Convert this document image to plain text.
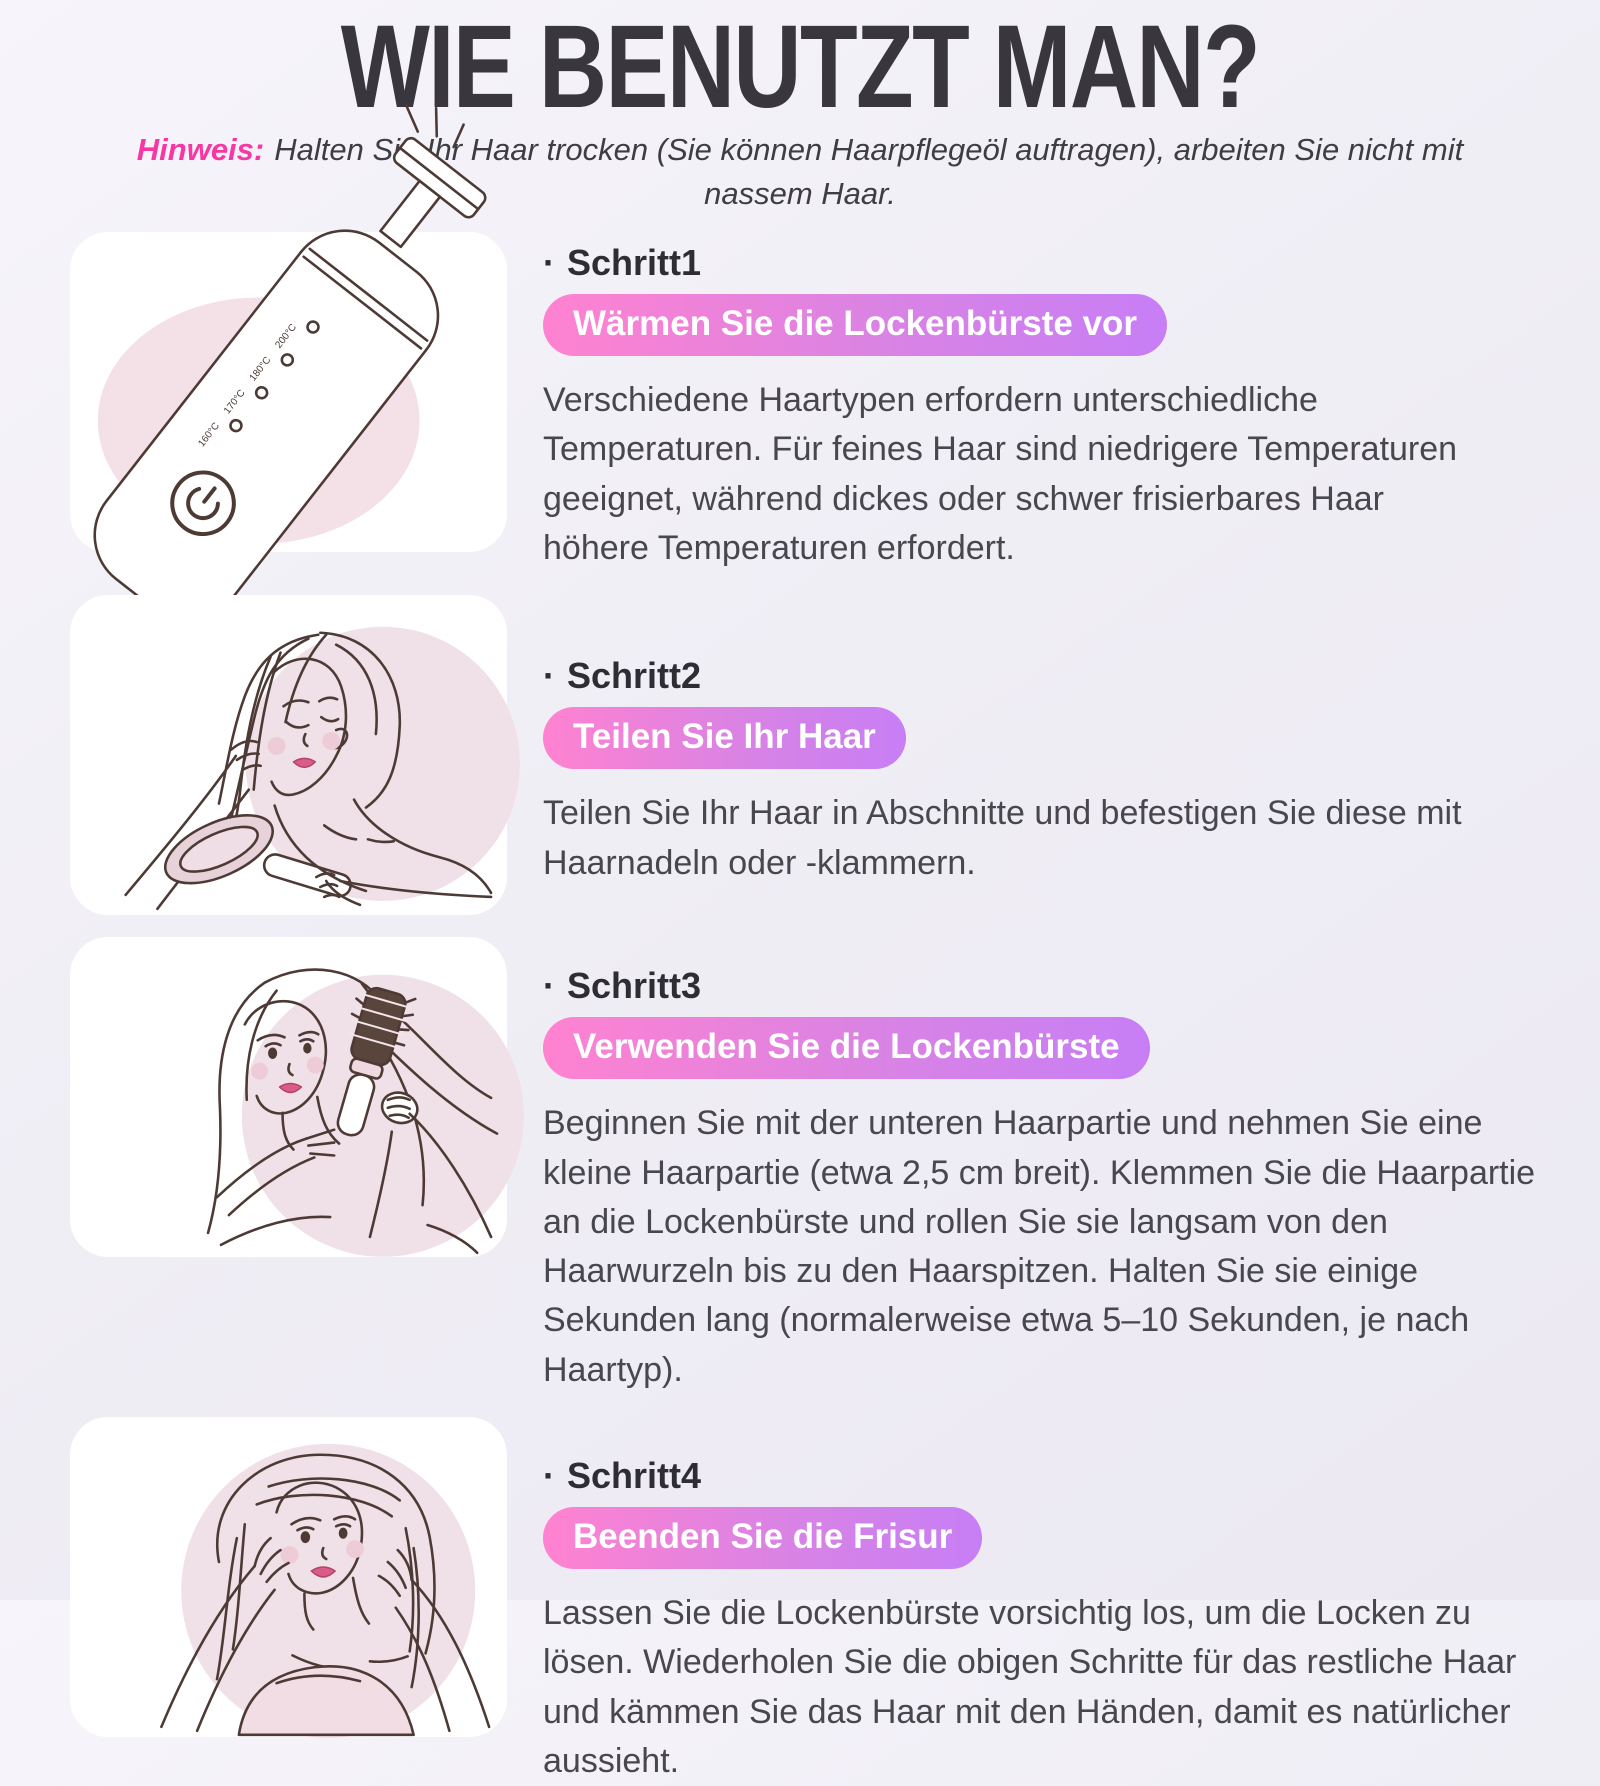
WIE BENUTZT MAN?
Hinweis: Halten Sie Ihr Haar trocken (Sie können Haarpflegeöl auftragen), arbeiten Sie nicht mit nassem Haar.
200°C
180°C
170°C
160°C
· Schritt1
Wärmen Sie die Lockenbürste vor

Verschiedene Haartypen erfordern unterschiedliche Temperaturen. Für feines Haar sind niedrigere Temperaturen geeignet, während dickes oder schwer frisierbares Haar höhere Temperaturen erfordert.

· Schritt2
Teilen Sie Ihr Haar

Teilen Sie Ihr Haar in Abschnitte und befestigen Sie diese mit Haarnadeln oder -klammern.

· Schritt3
Verwenden Sie die Lockenbürste

Beginnen Sie mit der unteren Haarpartie und nehmen Sie eine kleine Haarpartie (etwa 2,5 cm breit). Klemmen Sie die Haarpartie an die Lockenbürste und rollen Sie sie langsam von den Haarwurzeln bis zu den Haarspitzen. Halten Sie sie einige Sekunden lang (normalerweise etwa 5–10 Sekunden, je nach Haartyp).

· Schritt4
Beenden Sie die Frisur

Lassen Sie die Lockenbürste vorsichtig los, um die Locken zu lösen. Wiederholen Sie die obigen Schritte für das restliche Haar und kämmen Sie das Haar mit den Händen, damit es natürlicher aussieht.
